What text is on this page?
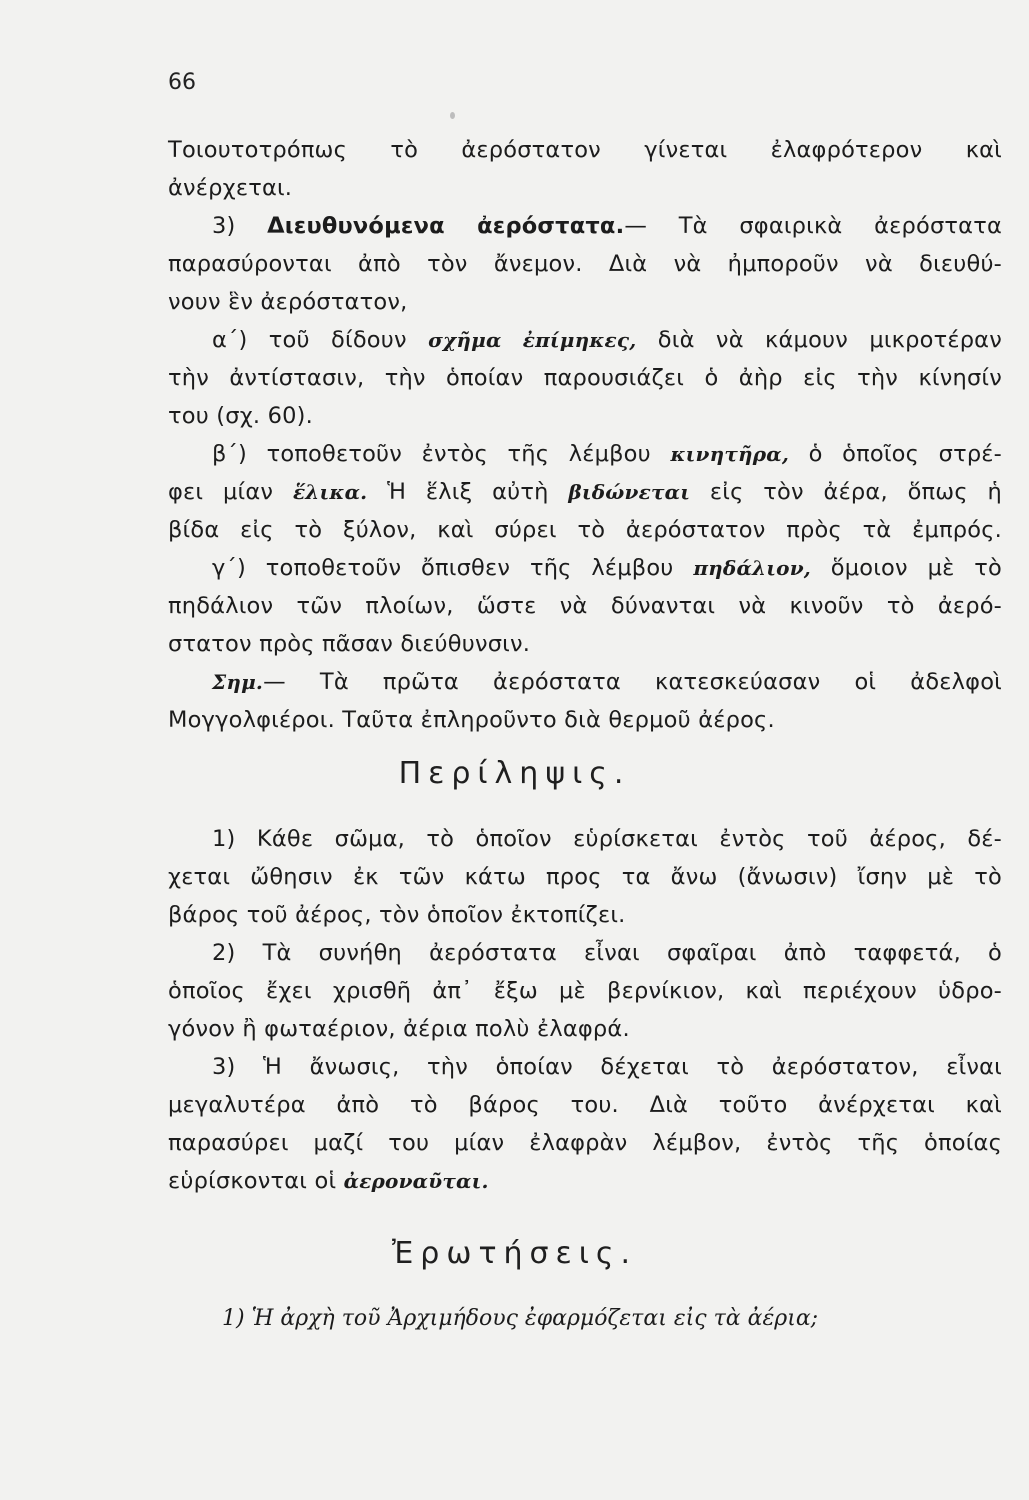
66

Τοιουτοτρόπως τὸ ἀερόστατον γίνεται ἐλαφρότερον καὶ

ἀνέρχεται.

3) Διευθυνόμενα ἀερόστατα.— Τὰ σφαιρικὰ ἀερόστατα

παρασύρονται ἀπὸ τὸν ἄνεμον. Διὰ νὰ ἠμποροῦν νὰ διευθύ-

νουν ἓν ἀερόστατον,

α΄) τοῦ δίδουν σχῆμα ἐπίμηκες, διὰ νὰ κάμουν μικροτέραν

τὴν ἀντίστασιν, τὴν ὁποίαν παρουσιάζει ὁ ἀὴρ εἰς τὴν κίνησίν

του (σχ. 60).

β΄) τοποθετοῦν ἐντὸς τῆς λέμβου κινητῆρα, ὁ ὁποῖος στρέ-

φει μίαν ἕλικα. Ἡ ἕλιξ αὐτὴ βιδώνεται εἰς τὸν ἀέρα, ὅπως ἡ

βίδα εἰς τὸ ξύλον, καὶ σύρει τὸ ἀερόστατον πρὸς τὰ ἐμπρός.

γ΄) τοποθετοῦν ὄπισθεν τῆς λέμβου πηδάλιον, ὅμοιον μὲ τὸ

πηδάλιον τῶν πλοίων, ὥστε νὰ δύνανται νὰ κινοῦν τὸ ἀερό-

στατον πρὸς πᾶσαν διεύθυνσιν.

Σημ.— Τὰ πρῶτα ἀερόστατα κατεσκεύασαν οἱ ἀδελφοὶ

Μογγολφιέροι. Ταῦτα ἐπληροῦντο διὰ θερμοῦ ἀέρος.

Περίληψις.

1) Κάθε σῶμα, τὸ ὁποῖον εὑρίσκεται ἐντὸς τοῦ ἀέρος, δέ-

χεται ὤθησιν ἐκ τῶν κάτω προς τα ἄνω (ἄνωσιν) ἴσην μὲ τὸ

βάρος τοῦ ἀέρος, τὸν ὁποῖον ἐκτοπίζει.

2) Τὰ συνήθη ἀερόστατα εἶναι σφαῖραι ἀπὸ ταφφετά, ὁ

ὁποῖος ἔχει χρισθῆ ἀπ᾿ ἔξω μὲ βερνίκιον, καὶ περιέχουν ὑδρο-

γόνον ἢ φωταέριον, ἀέρια πολὺ ἐλαφρά.

3) Ἡ ἄνωσις, τὴν ὁποίαν δέχεται τὸ ἀερόστατον, εἶναι

μεγαλυτέρα ἀπὸ τὸ βάρος του. Διὰ τοῦτο ἀνέρχεται καὶ

παρασύρει μαζί του μίαν ἐλαφρὰν λέμβον, ἐντὸς τῆς ὁποίας

εὑρίσκονται οἱ ἀεροναῦται.

Ἐρωτήσεις.
1) Ἡ ἀρχὴ τοῦ Ἀρχιμήδους ἐφαρμόζεται εἰς τὰ ἀέρια;
